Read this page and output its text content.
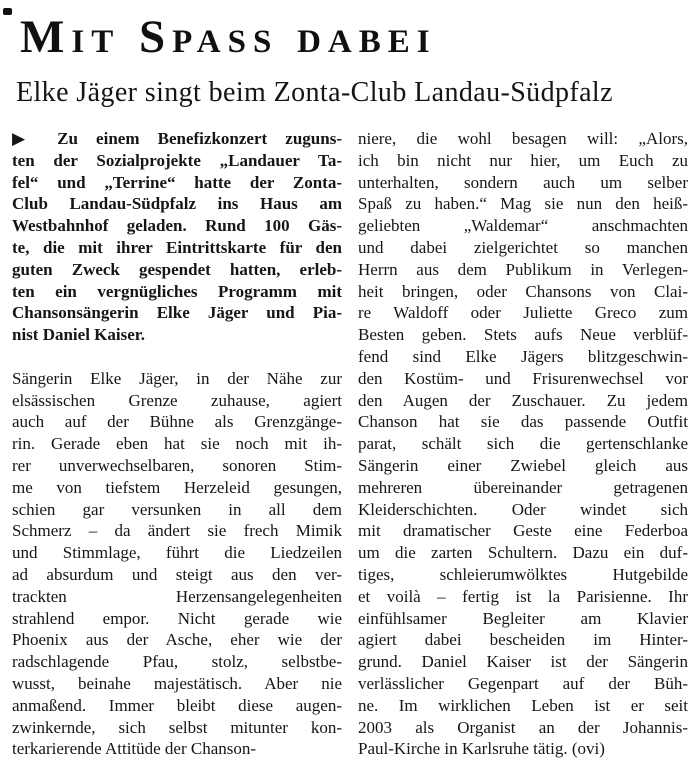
Mit Spass dabei
Elke Jäger singt beim Zonta-Club Landau-Südpfalz
▶ Zu einem Benefizkonzert zuguns-
ten der Sozialprojekte „Landauer Ta-
fel“ und „Terrine“ hatte der Zonta-
Club Landau-Südpfalz ins Haus am
Westbahnhof geladen. Rund 100 Gäs-
te, die mit ihrer Eintrittskarte für den
guten Zweck gespendet hatten, erleb-
ten ein vergnügliches Programm mit
Chansonsängerin Elke Jäger und Pia-
nist Daniel Kaiser.
Sängerin Elke Jäger, in der Nähe zur
elsässischen Grenze zuhause, agiert
auch auf der Bühne als Grenzgänge-
rin. Gerade eben hat sie noch mit ih-
rer unverwechselbaren, sonoren Stim-
me von tiefstem Herzeleid gesungen,
schien gar versunken in all dem
Schmerz – da ändert sie frech Mimik
und Stimmlage, führt die Liedzeilen
ad absurdum und steigt aus den ver-
trackten Herzensangelegenheiten
strahlend empor. Nicht gerade wie
Phoenix aus der Asche, eher wie der
radschlagende Pfau, stolz, selbstbe-
wusst, beinahe majestätisch. Aber nie
anmaßend. Immer bleibt diese augen-
zwinkernde, sich selbst mitunter kon-
terkarierende Attitüde der Chanson-
niere, die wohl besagen will: „Alors,
ich bin nicht nur hier, um Euch zu
unterhalten, sondern auch um selber
Spaß zu haben.“ Mag sie nun den heiß-
geliebten „Waldemar“ anschmachten
und dabei zielgerichtet so manchen
Herrn aus dem Publikum in Verlegen-
heit bringen, oder Chansons von Clai-
re Waldoff oder Juliette Greco zum
Besten geben. Stets aufs Neue verblüf-
fend sind Elke Jägers blitzgeschwin-
den Kostüm- und Frisurenwechsel vor
den Augen der Zuschauer. Zu jedem
Chanson hat sie das passende Outfit
parat, schält sich die gertenschlanke
Sängerin einer Zwiebel gleich aus
mehreren übereinander getragenen
Kleiderschichten. Oder windet sich
mit dramatischer Geste eine Federboa
um die zarten Schultern. Dazu ein duf-
tiges, schleierumwölktes Hutgebilde
et voilà – fertig ist la Parisienne. Ihr
einfühlsamer Begleiter am Klavier
agiert dabei bescheiden im Hinter-
grund. Daniel Kaiser ist der Sängerin
verlässlicher Gegenpart auf der Büh-
ne. Im wirklichen Leben ist er seit
2003 als Organist an der Johannis-
Paul-Kirche in Karlsruhe tätig. (ovi)
